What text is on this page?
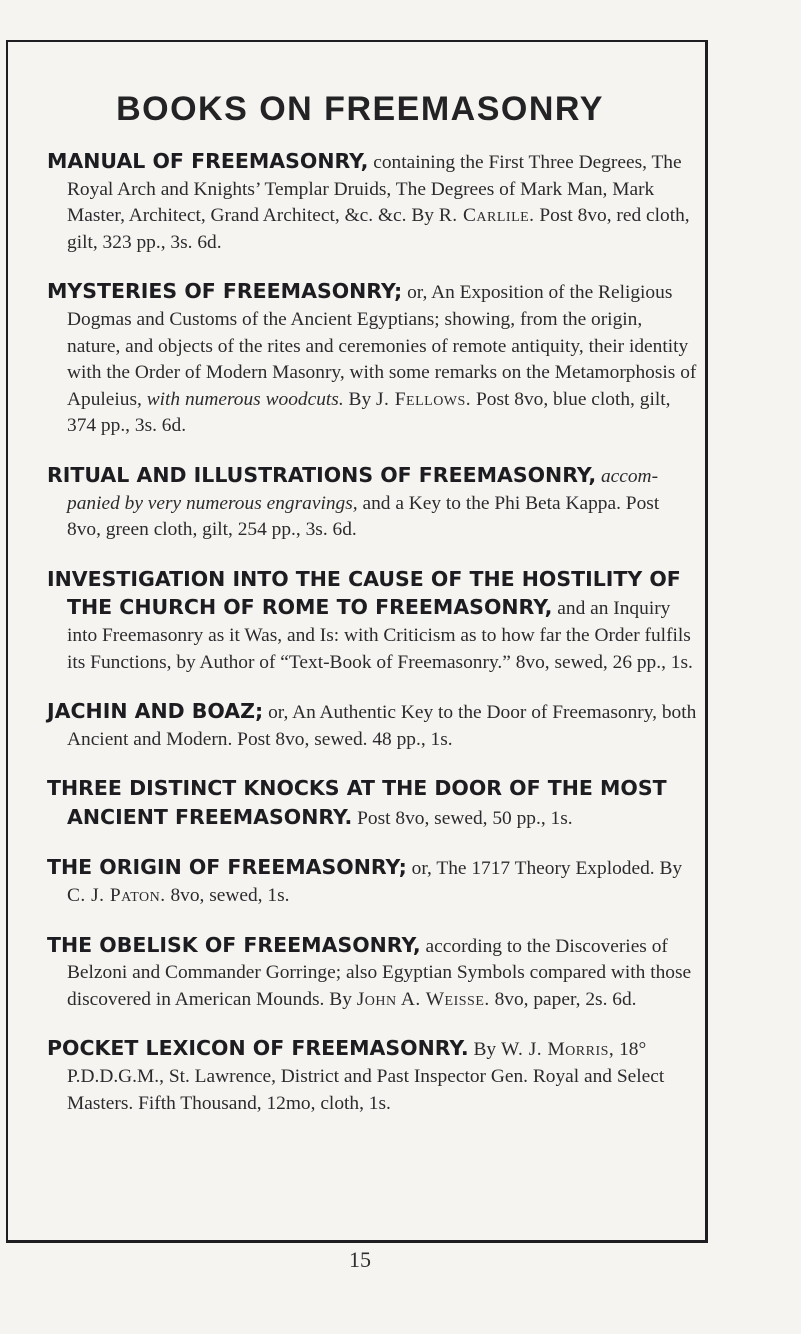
BOOKS ON FREEMASONRY

MANUAL OF FREEMASONRY, containing the First Three Degrees, The Royal Arch and Knights’ Templar Druids, The Degrees of Mark Man, Mark Master, Architect, Grand Architect, &c. &c. By R. Carlile. Post 8vo, red cloth, gilt, 323 pp., 3s. 6d.

MYSTERIES OF FREEMASONRY; or, An Exposition of the Religious Dogmas and Customs of the Ancient Egyptians; showing, from the origin, nature, and objects of the rites and ceremonies of remote antiquity, their identity with the Order of Modern Masonry, with some remarks on the Metamorphosis of Apuleius, with numerous woodcuts. By J. Fellows. Post 8vo, blue cloth, gilt, 374 pp., 3s. 6d.

RITUAL AND ILLUSTRATIONS OF FREEMASONRY, accompanied by very numerous engravings, and a Key to the Phi Beta Kappa. Post 8vo, green cloth, gilt, 254 pp., 3s. 6d.

INVESTIGATION INTO THE CAUSE OF THE HOSTILITY OF THE CHURCH OF ROME TO FREEMASONRY, and an Inquiry into Freemasonry as it Was, and Is: with Criticism as to how far the Order fulfils its Functions, by Author of “Text-Book of Freemasonry.” 8vo, sewed, 26 pp., 1s.

JACHIN AND BOAZ; or, An Authentic Key to the Door of Freemasonry, both Ancient and Modern. Post 8vo, sewed. 48 pp., 1s.

THREE DISTINCT KNOCKS AT THE DOOR OF THE MOST ANCIENT FREEMASONRY. Post 8vo, sewed, 50 pp., 1s.

THE ORIGIN OF FREEMASONRY; or, The 1717 Theory Exploded. By C. J. Paton. 8vo, sewed, 1s.

THE OBELISK OF FREEMASONRY, according to the Discoveries of Belzoni and Commander Gorringe; also Egyptian Symbols compared with those discovered in American Mounds. By John A. Weisse. 8vo, paper, 2s. 6d.

POCKET LEXICON OF FREEMASONRY. By W. J. Morris, 18° P.D.D.G.M., St. Lawrence, District and Past Inspector Gen. Royal and Select Masters. Fifth Thousand, 12mo, cloth, 1s.

15
